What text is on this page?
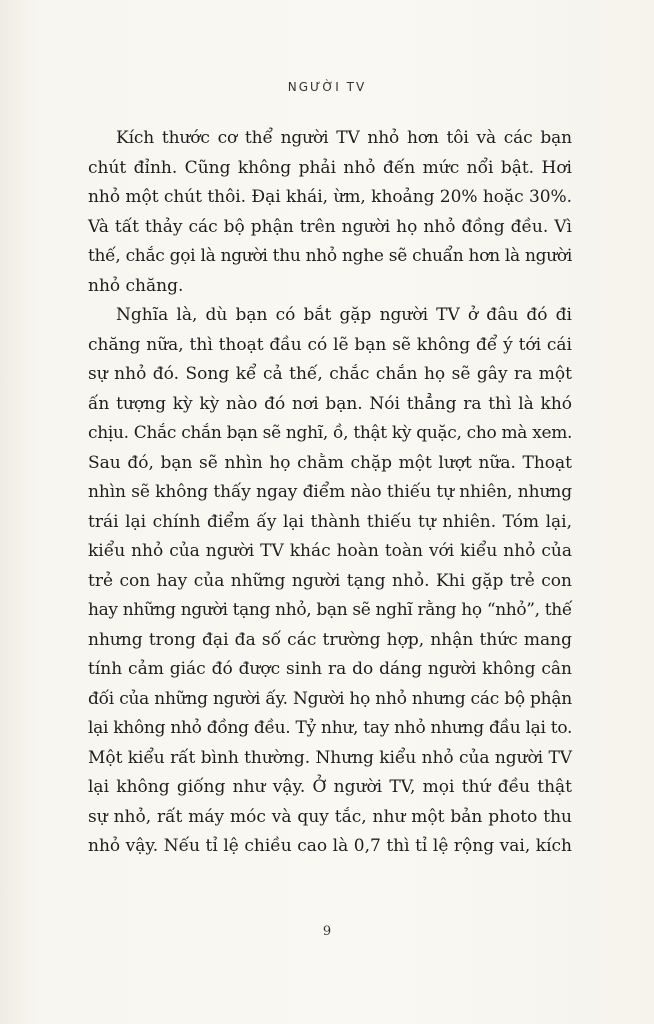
NGƯỜI TV

Kích thước cơ thể người TV nhỏ hơn tôi và các bạn
chút đỉnh. Cũng không phải nhỏ đến mức nổi bật. Hơi
nhỏ một chút thôi. Đại khái, ừm, khoảng 20% hoặc 30%.
Và tất thảy các bộ phận trên người họ nhỏ đồng đều. Vì
thế, chắc gọi là người thu nhỏ nghe sẽ chuẩn hơn là người
nhỏ chăng.

Nghĩa là, dù bạn có bắt gặp người TV ở đâu đó đi
chăng nữa, thì thoạt đầu có lẽ bạn sẽ không để ý tới cái
sự nhỏ đó. Song kể cả thế, chắc chắn họ sẽ gây ra một
ấn tượng kỳ kỳ nào đó nơi bạn. Nói thẳng ra thì là khó
chịu. Chắc chắn bạn sẽ nghĩ, ồ, thật kỳ quặc, cho mà xem.
Sau đó, bạn sẽ nhìn họ chằm chặp một lượt nữa. Thoạt
nhìn sẽ không thấy ngay điểm nào thiếu tự nhiên, nhưng
trái lại chính điểm ấy lại thành thiếu tự nhiên. Tóm lại,
kiểu nhỏ của người TV khác hoàn toàn với kiểu nhỏ của
trẻ con hay của những người tạng nhỏ. Khi gặp trẻ con
hay những người tạng nhỏ, bạn sẽ nghĩ rằng họ “nhỏ”, thế
nhưng trong đại đa số các trường hợp, nhận thức mang
tính cảm giác đó được sinh ra do dáng người không cân
đối của những người ấy. Người họ nhỏ nhưng các bộ phận
lại không nhỏ đồng đều. Tỷ như, tay nhỏ nhưng đầu lại to.
Một kiểu rất bình thường. Nhưng kiểu nhỏ của người TV
lại không giống như vậy. Ở người TV, mọi thứ đều thật
sự nhỏ, rất máy móc và quy tắc, như một bản photo thu
nhỏ vậy. Nếu tỉ lệ chiều cao là 0,7 thì tỉ lệ rộng vai, kích

9
